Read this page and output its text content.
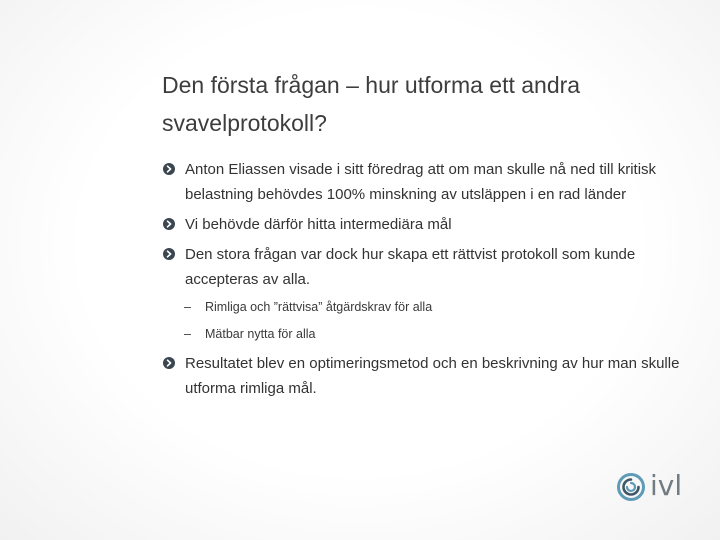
Den första frågan – hur utforma ett andra svavelprotokoll?
Anton Eliassen visade i sitt föredrag att om man skulle nå ned till kritisk belastning behövdes 100% minskning av utsläppen i en rad länder
Vi behövde därför hitta intermediära mål
Den stora frågan var dock hur skapa ett rättvist protokoll som kunde accepteras av alla.
– Rimliga och ”rättvisa” åtgärdskrav för alla
– Mätbar nytta för alla
Resultatet blev en optimeringsmetod och en beskrivning av hur man skulle utforma rimliga mål.
ivl
